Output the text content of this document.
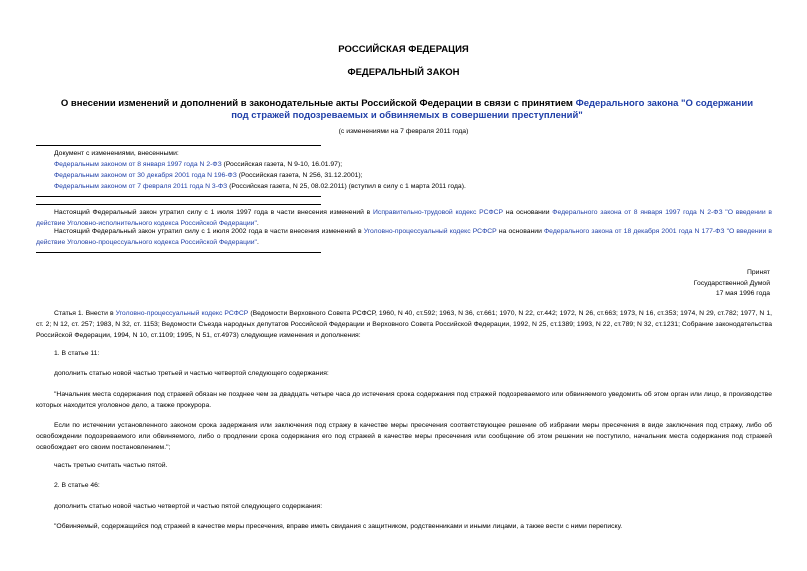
РОССИЙСКАЯ ФЕДЕРАЦИЯ
ФЕДЕРАЛЬНЫЙ ЗАКОН
О внесении изменений и дополнений в законодательные акты Российской Федерации в связи с принятием Федерального закона "О содержании под стражей подозреваемых и обвиняемых в совершении преступлений"
(с изменениями на 7 февраля 2011 года)
Документ с изменениями, внесенными:
Федеральным законом от 8 января 1997 года N 2-ФЗ (Российская газета, N 9-10, 16.01.97);
Федеральным законом от 30 декабря 2001 года N 196-ФЗ (Российская газета, N 256, 31.12.2001);
Федеральным законом от 7 февраля 2011 года N 3-ФЗ (Российская газета, N 25, 08.02.2011) (вступил в силу с 1 марта 2011 года).
Настоящий Федеральный закон утратил силу с 1 июля 1997 года в части внесения изменений в Исправительно-трудовой кодекс РСФСР на основании Федерального закона от 8 января 1997 года N 2-ФЗ "О введении в действие Уголовно-исполнительного кодекса Российской Федерации".
Настоящий Федеральный закон утратил силу с 1 июля 2002 года в части внесения изменений в Уголовно-процессуальный кодекс РСФСР на основании Федерального закона от 18 декабря 2001 года N 177-ФЗ "О введении в действие Уголовно-процессуального кодекса Российской Федерации".
Принят
Государственной Думой
17 мая 1996 года
Статья 1. Внести в Уголовно-процессуальный кодекс РСФСР (Ведомости Верховного Совета РСФСР, 1960, N 40, ст.592; 1963, N 36, ст.661; 1970, N 22, ст.442; 1972, N 26, ст.663; 1973, N 16, ст.353; 1974, N 29, ст.782; 1977, N 1, ст. 2; N 12, ст. 257; 1983, N 32, ст. 1153; Ведомости Съезда народных депутатов Российской Федерации и Верховного Совета Российской Федерации, 1992, N 25, ст.1389; 1993, N 22, ст.789; N 32, ст.1231; Собрание законодательства Российской Федерации, 1994, N 10, ст.1109; 1995, N 51, ст.4973) следующие изменения и дополнения:
1. В статье 11:
дополнить статью новой частью третьей и частью четвертой следующего содержания:
"Начальник места содержания под стражей обязан не позднее чем за двадцать четыре часа до истечения срока содержания под стражей подозреваемого или обвиняемого уведомить об этом орган или лицо, в производстве которых находится уголовное дело, а также прокурора.
Если по истечении установленного законом срока задержания или заключения под стражу в качестве меры пресечения соответствующее решение об избрании меры пресечения в виде заключения под стражу, либо об освобождении подозреваемого или обвиняемого, либо о продлении срока содержания его под стражей в качестве меры пресечения или сообщение об этом решении не поступило, начальник места содержания под стражей освобождает его своим постановлением.";
часть третью считать частью пятой.
2. В статье 46:
дополнить статью новой частью четвертой и частью пятой следующего содержания:
"Обвиняемый, содержащийся под стражей в качестве меры пресечения, вправе иметь свидания с защитником, родственниками и иными лицами, а также вести с ними переписку.
